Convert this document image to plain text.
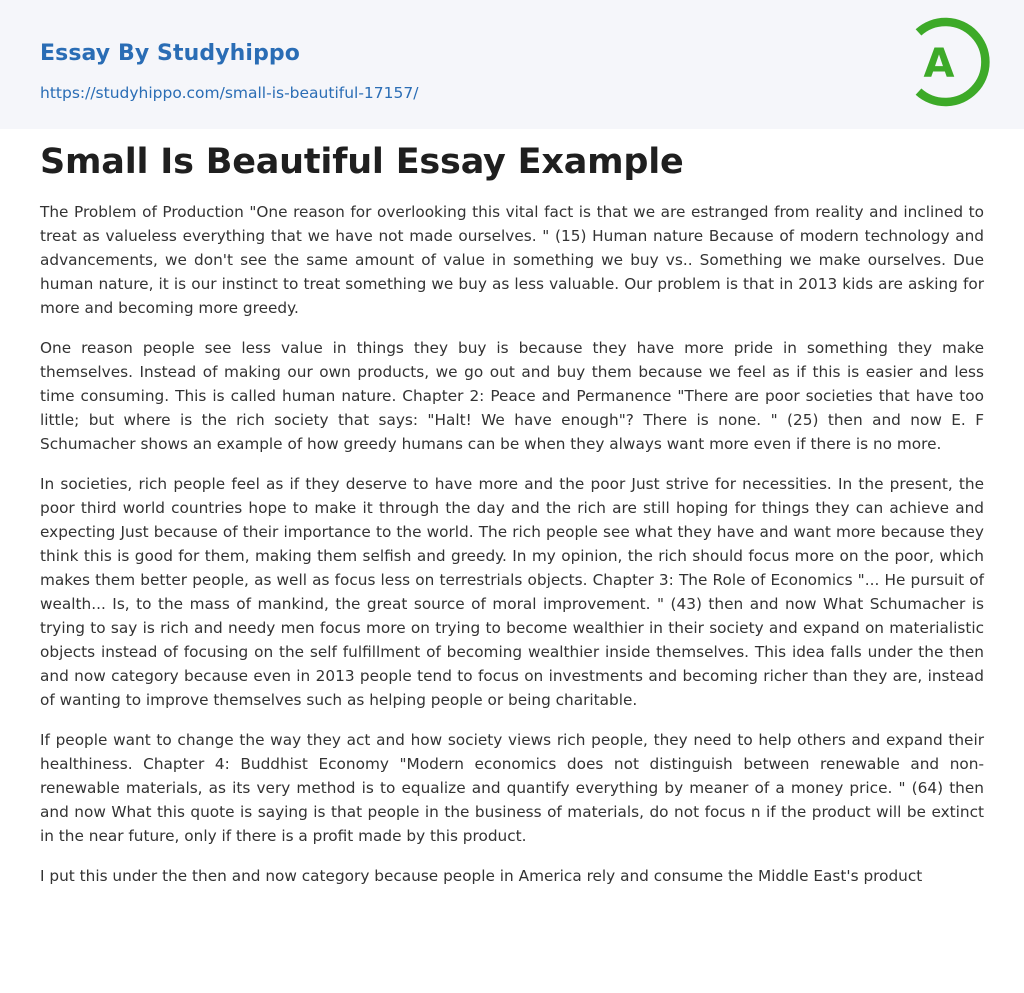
Essay By Studyhippo
https://studyhippo.com/small-is-beautiful-17157/
A
Small Is Beautiful Essay Example

The Problem of Production "One reason for overlooking this vital fact is that we are estranged from reality and inclined to treat as valueless everything that we have not made ourselves. " (15) Human nature Because of modern technology and advancements, we don't see the same amount of value in something we buy vs.. Something we make ourselves. Due human nature, it is our instinct to treat something we buy as less valuable. Our problem is that in 2013 kids are asking for more and becoming more greedy.

One reason people see less value in things they buy is because they have more pride in something they make themselves. Instead of making our own products, we go out and buy them because we feel as if this is easier and less time consuming. This is called human nature. Chapter 2: Peace and Permanence "There are poor societies that have too little; but where is the rich society that says: "Halt! We have enough"? There is none. " (25) then and now E. F Schumacher shows an example of how greedy humans can be when they always want more even if there is no more.

In societies, rich people feel as if they deserve to have more and the poor Just strive for necessities. In the present, the poor third world countries hope to make it through the day and the rich are still hoping for things they can achieve and expecting Just because of their importance to the world. The rich people see what they have and want more because they think this is good for them, making them selfish and greedy. In my opinion, the rich should focus more on the poor, which makes them better people, as well as focus less on terrestrials objects. Chapter 3: The Role of Economics "... He pursuit of wealth... Is, to the mass of mankind, the great source of moral improvement. " (43) then and now What Schumacher is trying to say is rich and needy men focus more on trying to become wealthier in their society and expand on materialistic objects instead of focusing on the self fulfillment of becoming wealthier inside themselves. This idea falls under the then and now category because even in 2013 people tend to focus on investments and becoming richer than they are, instead of wanting to improve themselves such as helping people or being charitable.

If people want to change the way they act and how society views rich people, they need to help others and expand their healthiness. Chapter 4: Buddhist Economy "Modern economics does not distinguish between renewable and non-renewable materials, as its very method is to equalize and quantify everything by meaner of a money price. " (64) then and now What this quote is saying is that people in the business of materials, do not focus n if the product will be extinct in the near future, only if there is a profit made by this product.

I put this under the then and now category because people in America rely and consume the Middle East's product
